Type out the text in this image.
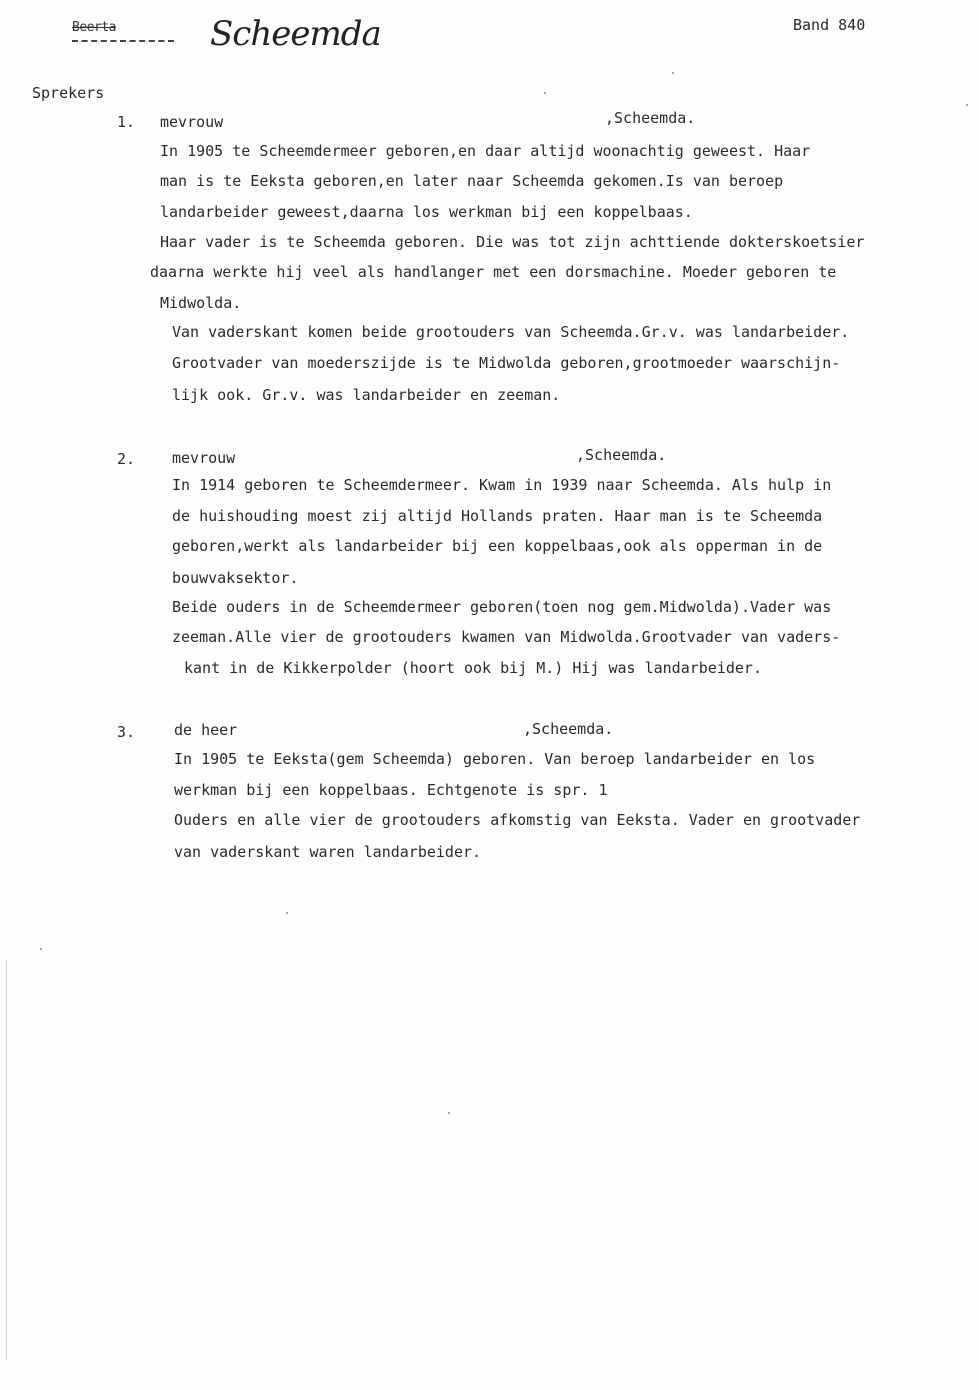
Beerta	Scheemda	Band 840
Sprekers
1. mevrouw	,Scheemda.
In 1905 te Scheemdermeer geboren,en daar altijd woonachtig geweest. Haar
man is te Eeksta geboren,en later naar Scheemda gekomen.Is van beroep
landarbeider geweest,daarna los werkman bij een koppelbaas.
Haar vader is te Scheemda geboren. Die was tot zijn achttiende dokterskoetsier
daarna werkte hij veel als handlanger met een dorsmachine. Moeder geboren te
Midwolda.
Van vaderskant komen beide grootouders van Scheemda.Gr.v. was landarbeider.
Grootvader van moederszijde is te Midwolda geboren,grootmoeder waarschijn-
lijk ook. Gr.v. was landarbeider en zeeman.
2. mevrouw	,Scheemda.
In 1914 geboren te Scheemdermeer. Kwam in 1939 naar Scheemda. Als hulp in
de huishouding moest zij altijd Hollands praten. Haar man is te Scheemda
geboren,werkt als landarbeider bij een koppelbaas,ook als opperman in de
bouwvaksektor.
Beide ouders in de Scheemdermeer geboren(toen nog gem.Midwolda).Vader was
zeeman.Alle vier de grootouders kwamen van Midwolda.Grootvader van vaders-
kant in de Kikkerpolder (hoort ook bij M.) Hij was landarbeider.
3.	de heer	,Scheemda.
In 1905 te Eeksta(gem Scheemda) geboren. Van beroep landarbeider en los
werkman bij een koppelbaas. Echtgenote is spr. 1
Ouders en alle vier de grootouders afkomstig van Eeksta. Vader en grootvader
van vaderskant waren landarbeider.
